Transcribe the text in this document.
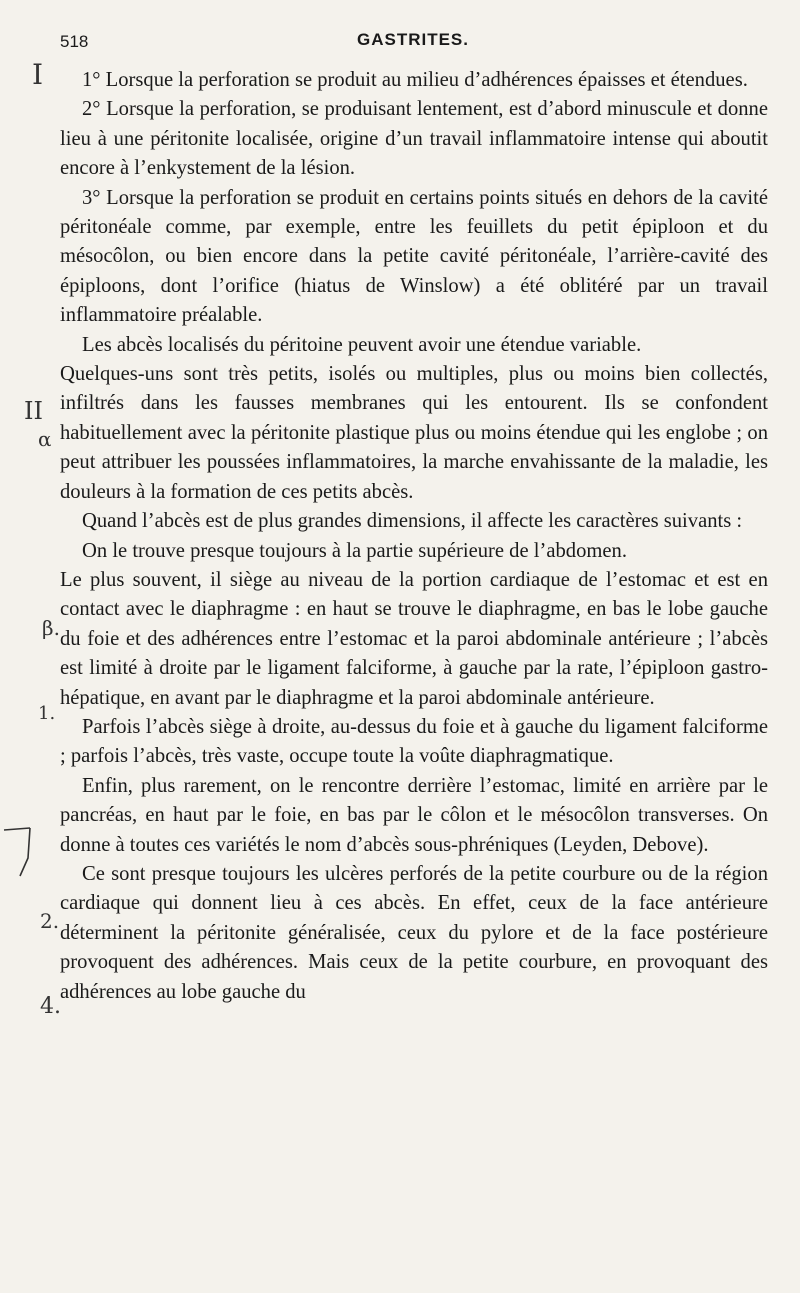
518	GASTRITES.
I
II
α
β.
1.
2.
4.

1° Lorsque la perforation se produit au milieu d’adhérences épaisses et étendues.

2° Lorsque la perforation, se produisant lentement, est d’abord minuscule et donne lieu à une péritonite localisée, origine d’un travail inflammatoire intense qui aboutit encore à l’enkystement de la lésion.

3° Lorsque la perforation se produit en certains points situés en dehors de la cavité péritonéale comme, par exemple, entre les feuillets du petit épiploon et du mésocôlon, ou bien encore dans la petite cavité péritonéale, l’arrière-cavité des épiploons, dont l’orifice (hiatus de Winslow) a été oblitéré par un travail inflammatoire préalable.

Les abcès localisés du péritoine peuvent avoir une étendue variable.

Quelques-uns sont très petits, isolés ou multiples, plus ou moins bien collectés, infiltrés dans les fausses membranes qui les entourent. Ils se confondent habituellement avec la péritonite plastique plus ou moins étendue qui les englobe ; on peut attribuer les poussées inflammatoires, la marche envahissante de la maladie, les douleurs à la formation de ces petits abcès.

Quand l’abcès est de plus grandes dimensions, il affecte les caractères suivants :

On le trouve presque toujours à la partie supérieure de l’abdomen.

Le plus souvent, il siège au niveau de la portion cardiaque de l’estomac et est en contact avec le diaphragme : en haut se trouve le diaphragme, en bas le lobe gauche du foie et des adhérences entre l’estomac et la paroi abdominale antérieure ; l’abcès est limité à droite par le ligament falciforme, à gauche par la rate, l’épiploon gastro-hépatique, en avant par le diaphragme et la paroi abdominale antérieure.

Parfois l’abcès siège à droite, au-dessus du foie et à gauche du ligament falciforme ; parfois l’abcès, très vaste, occupe toute la voûte diaphragmatique.

Enfin, plus rarement, on le rencontre derrière l’estomac, limité en arrière par le pancréas, en haut par le foie, en bas par le côlon et le mésocôlon transverses. On donne à toutes ces variétés le nom d’abcès sous-phréniques (Leyden, Debove).

Ce sont presque toujours les ulcères perforés de la petite courbure ou de la région cardiaque qui donnent lieu à ces abcès. En effet, ceux de la face antérieure déterminent la péritonite généralisée, ceux du pylore et de la face postérieure provoquent des adhérences. Mais ceux de la petite courbure, en provoquant des adhérences au lobe gauche du
